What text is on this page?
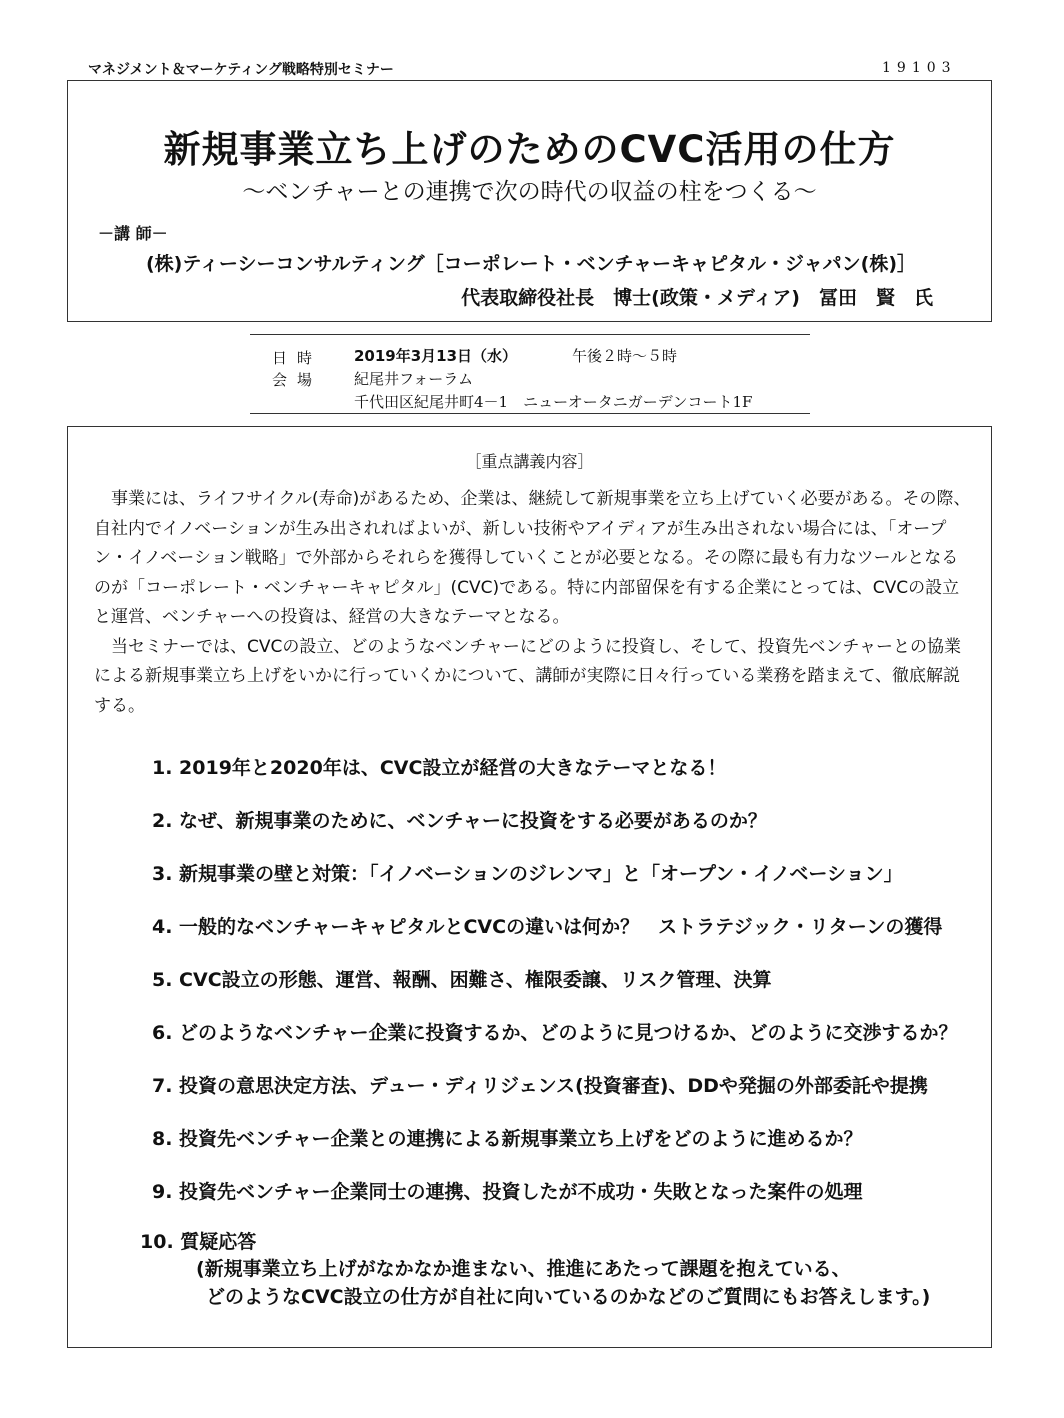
マネジメント＆マーケティング戦略特別セミナー	19103
新規事業立ち上げのためのCVC活用の仕方
～ベンチャーとの連携で次の時代の収益の柱をつくる～
－講 師－
(株)ティーシーコンサルティング［コーポレート・ベンチャーキャピタル・ジャパン(株)］
代表取締役社長　博士(政策・メディア)　冨田　賢　氏
日時 2019年3月13日（水）	午後２時～５時
会場 紀尾井フォーラム
千代田区紀尾井町4－1　ニューオータニガーデンコート1F
［重点講義内容］

事業には、ライフサイクル(寿命)があるため、企業は、継続して新規事業を立ち上げていく必要がある。その際、自社内でイノベーションが生み出されればよいが、新しい技術やアイディアが生み出されない場合には、「オープン・イノベーション戦略」で外部からそれらを獲得していくことが必要となる。その際に最も有力なツールとなるのが「コーポレート・ベンチャーキャピタル」(CVC)である。特に内部留保を有する企業にとっては、CVCの設立と運営、ベンチャーへの投資は、経営の大きなテーマとなる。

当セミナーでは、CVCの設立、どのようなベンチャーにどのように投資し、そして、投資先ベンチャーとの協業による新規事業立ち上げをいかに行っていくかについて、講師が実際に日々行っている業務を踏まえて、徹底解説する。

1. 2019年と2020年は、CVC設立が経営の大きなテーマとなる！
2. なぜ、新規事業のために、ベンチャーに投資をする必要があるのか？
3. 新規事業の壁と対策：「イノベーションのジレンマ」と「オープン・イノベーション」
4. 一般的なベンチャーキャピタルとCVCの違いは何か？　ストラテジック・リターンの獲得
5. CVC設立の形態、運営、報酬、困難さ、権限委譲、リスク管理、決算
6. どのようなベンチャー企業に投資するか、どのように見つけるか、どのように交渉するか？
7. 投資の意思決定方法、デュー・ディリジェンス(投資審査)、DDや発掘の外部委託や提携
8. 投資先ベンチャー企業との連携による新規事業立ち上げをどのように進めるか？
9. 投資先ベンチャー企業同士の連携、投資したが不成功・失敗となった案件の処理
10. 質疑応答
(新規事業立ち上げがなかなか進まない、推進にあたって課題を抱えている、
どのようなCVC設立の仕方が自社に向いているのかなどのご質問にもお答えします。)
